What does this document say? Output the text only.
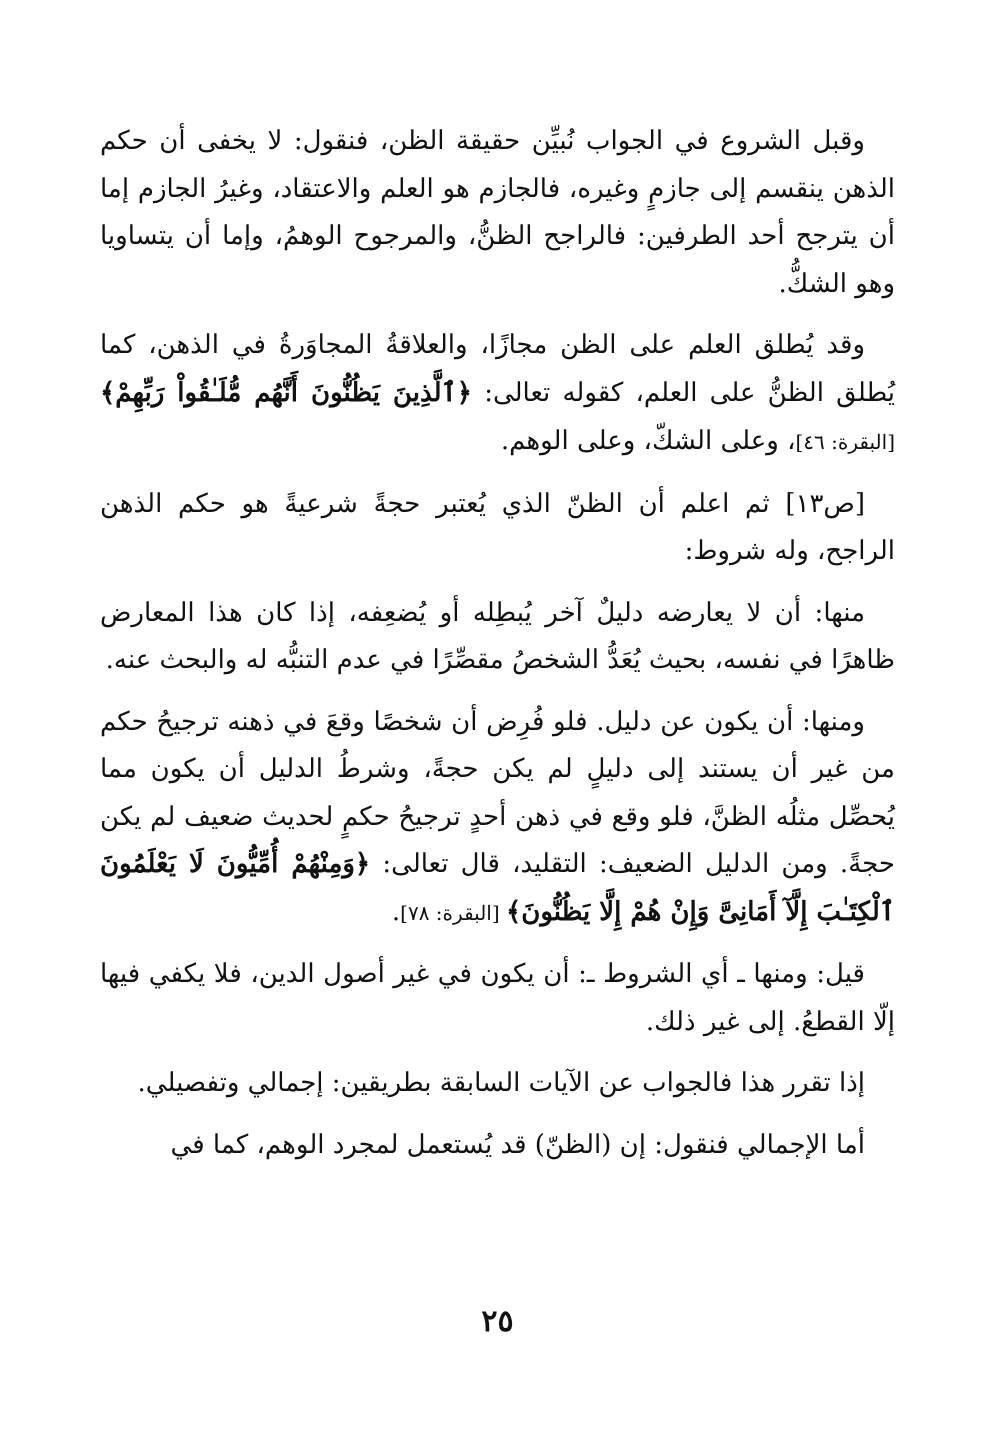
وقبل الشروع في الجواب نُبيِّن حقيقة الظن، فنقول: لا يخفى أن حكم الذهن ينقسم إلى جازمٍ وغيره، فالجازم هو العلم والاعتقاد، وغيرُ الجازم إما أن يترجح أحد الطرفين: فالراجح الظنُّ، والمرجوح الوهمُ، وإما أن يتساويا وهو الشكُّ.

وقد يُطلق العلم على الظن مجازًا، والعلاقةُ المجاوَرةُ في الذهن، كما يُطلق الظنُّ على العلم، كقوله تعالى: ﴿ٱلَّذِينَ يَظُنُّونَ أَنَّهُم مُّلَـٰقُواْ رَبِّهِمْ﴾ [البقرة: ٤٦]، وعلى الشكّ، وعلى الوهم.

[ص١٣] ثم اعلم أن الظنّ الذي يُعتبر حجةً شرعيةً هو حكم الذهن الراجح، وله شروط:

منها: أن لا يعارضه دليلٌ آخر يُبطِله أو يُضعِفه، إذا كان هذا المعارض ظاهرًا في نفسه، بحيث يُعَدُّ الشخصُ مقصِّرًا في عدم التنبُّه له والبحث عنه.

ومنها: أن يكون عن دليل. فلو فُرِض أن شخصًا وقعَ في ذهنه ترجيحُ حكم من غير أن يستند إلى دليلٍ لم يكن حجةً، وشرطُ الدليل أن يكون مما يُحصِّل مثلُه الظنَّ، فلو وقع في ذهن أحدٍ ترجيحُ حكمٍ لحديث ضعيف لم يكن حجةً. ومن الدليل الضعيف: التقليد، قال تعالى: ﴿وَمِنْهُمْ أُمِّيُّونَ لَا يَعْلَمُونَ ٱلْكِتَـٰبَ إِلَّآ أَمَانِىَّ وَإِنْ هُمْ إِلَّا يَظُنُّونَ﴾ [البقرة: ٧٨].

قيل: ومنها ـ أي الشروط ـ: أن يكون في غير أصول الدين، فلا يكفي فيها إلّا القطعُ. إلى غير ذلك.

إذا تقرر هذا فالجواب عن الآيات السابقة بطريقين: إجمالي وتفصيلي.

أما الإجمالي فنقول: إن (الظنّ) قد يُستعمل لمجرد الوهم، كما في

٢٥
